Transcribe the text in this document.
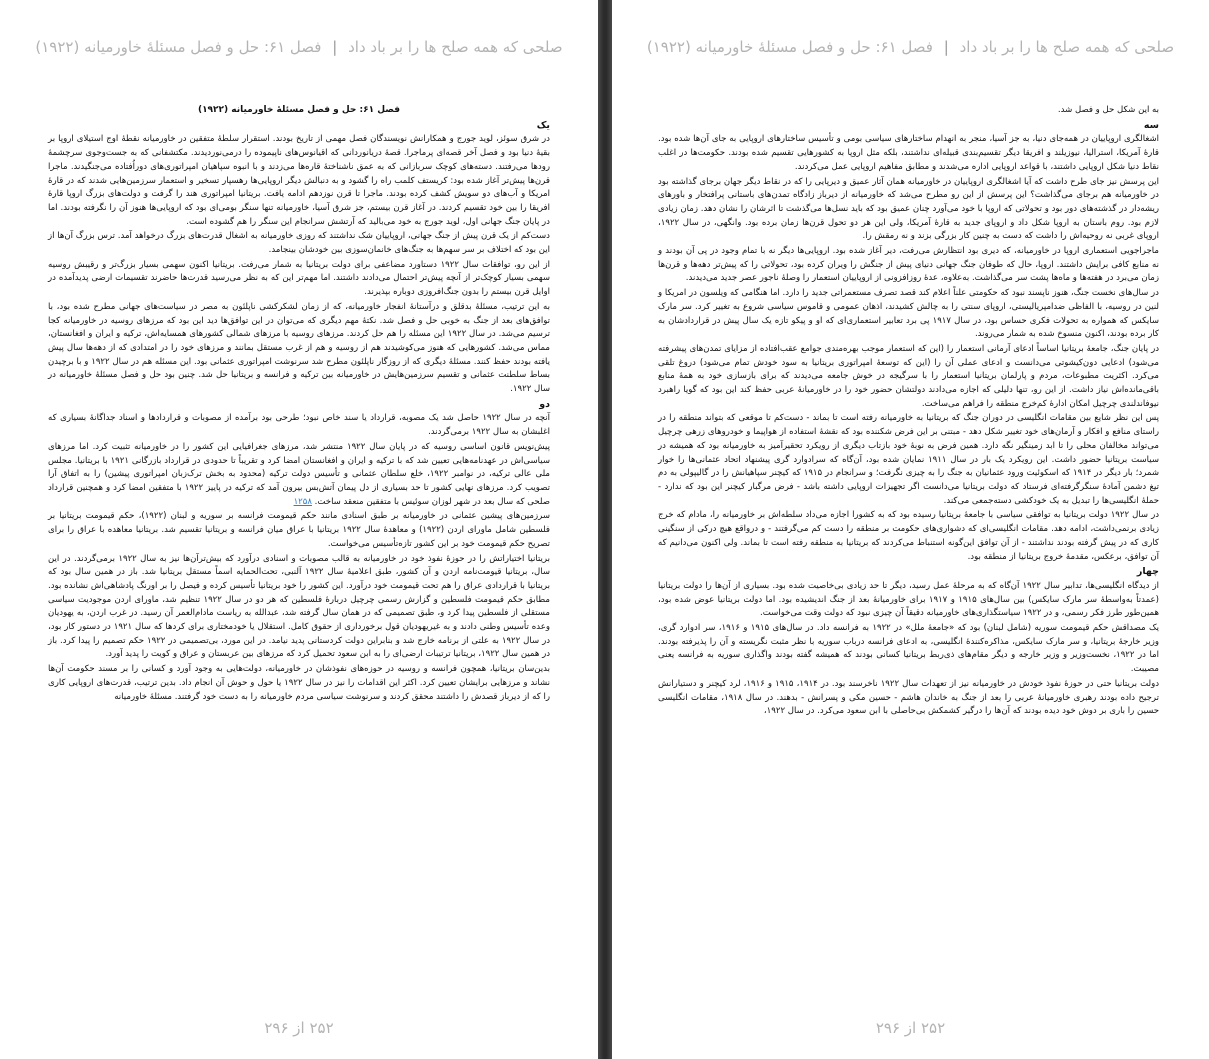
صلحی که همه صلح ها را بر باد داد | فصل ۶۱: حل و فصل مسئلهٔ خاورمیانه (۱۹۲۲)

فصل ۶۱: حل و فصل مسئلهٔ خاورمیانه (۱۹۲۲)

یک

در شرق سوئز، لوید جورج و همکارانش نویسندگان فصل مهمی از تاریخ بودند. استقرار سلطهٔ متفقین در خاورمیانه نقطهٔ اوج استیلای اروپا بر بقیهٔ دنیا بود و فصل آخر قصه‌ای پرماجرا. قصهٔ دریانوردانی که اقیانوس‌های ناپیموده را درمی‌نوردیدند. مکتشفانی که به جست‌وجوی سرچشمهٔ رودها می‌رفتند. دسته‌های کوچک سربازانی که به عمق ناشناختهٔ قاره‌ها می‌زدند و با انبوه سپاهیان امپراتوری‌های دوراُفتاده می‌جنگیدند. ماجرا قرن‌ها پیش‌تر آغاز شده بود: کریستف کلمب راه را گشود و به دنبالش دیگر اروپایی‌ها رهسپار تسخیر و استعمار سرزمین‌هایی شدند که در قارهٔ امریکا و آب‌های دو سویش کشف کرده بودند. ماجرا تا قرن نوزدهم ادامه یافت. بریتانیا امپراتوری هند را گرفت و دولت‌های بزرگ اروپا قارهٔ افریقا را بین خود تقسیم کردند. در آغاز قرن بیستم، جز شرق آسیا، خاورمیانه تنها سنگر بومی‌ای بود که اروپایی‌ها هنوز آن را نگرفته بودند. اما در پایان جنگ جهانی اول، لوید جورج به خود می‌بالید که آرتشش سرانجام این سنگر را هم گشوده است.

دست‌کم از یک قرن پیش از جنگ جهانی، اروپاییان شک نداشتند که روزی خاورمیانه به اشغال قدرت‌های بزرگ درخواهد آمد. ترس بزرگ آن‌ها از این بود که اختلاف بر سر سهم‌ها به جنگ‌های خانمان‌سوزی بین خودشان بینجامد.

از این رو، توافقات سال ۱۹۲۲ دستاورد مضاعفی برای دولت بریتانیا به شمار می‌رفت. بریتانیا اکنون سهمی بسیار بزرگ‌تر و رقیبش روسیه سهمی بسیار کوچک‌تر از آنچه پیش‌تر احتمال می‌دادند داشتند. اما مهم‌تر این که به نظر می‌رسید قدرت‌ها حاضرند تقسیمات ارضی پدیدآمده در اوایل قرن بیستم را بدون جنگ‌افروزی دوباره بپذیرند.

به این ترتیب، مسئلهٔ بدقلق و درآستانهٔ انفجار خاورمیانه، که از زمان لشکرکشی ناپلئون به مصر در سیاست‌های جهانی مطرح شده بود، با توافق‌های بعد از جنگ به خوبی حل و فصل شد. نکتهٔ مهم دیگری که می‌توان در این توافق‌ها دید این بود که مرزهای روسیه در خاورمیانه کجا ترسیم می‌شد. در سال ۱۹۲۲ این مسئله را هم حل کردند. مرزهای روسیه با مرزهای شمالی کشورهای همسایه‌اش، ترکیه و ایران و افغانستان، مماس می‌شد. کشورهایی که هنوز می‌کوشیدند هم از روسیه و هم از غرب مستقل بمانند و مرزهای خود را در امتدادی که از دهه‌ها سال پیش یافته بودند حفظ کنند. مسئلهٔ دیگری که از روزگار ناپلئون مطرح شد سرنوشت امپراتوری عثمانی بود. این مسئله هم در سال ۱۹۲۲ و با برچیدن بساط سلطنت عثمانی و تقسیم سرزمین‌هایش در خاورمیانه بین ترکیه و فرانسه و بریتانیا حل شد. چنین بود حل و فصل مسئلهٔ خاورمیانه در سال ۱۹۲۲.

دو

آنچه در سال ۱۹۲۲ حاصل شد یک مصوبه، قرارداد یا سند خاص نبود؛ طرحی بود برآمده از مصوبات و قراردادها و اسناد جداگانهٔ بسیاری که اغلبشان به سال ۱۹۲۲ برمی‌گردند.

پیش‌نویس قانون اساسی روسیه که در پایان سال ۱۹۲۲ منتشر شد، مرزهای جغرافیایی این کشور را در خاورمیانه تثبیت کرد. اما مرزهای سیاسی‌اش در عهدنامه‌هایی تعیین شد که با ترکیه و ایران و افغانستان امضا کرد و تقریباً تا حدودی در قرارداد بازرگانی ۱۹۲۱ با بریتانیا. مجلس ملی عالی ترکیه، در نوامبر ۱۹۲۲، خلع سلطان عثمانی و تأسیس دولت ترکیه (محدود به بخش ترک‌زبان امپراتوری پیشین) را به اتفاق آرا تصویب کرد. مرزهای نهایی کشور تا حد بسیاری از دل پیمان آتش‌بس بیرون آمد که ترکیه در پاییز ۱۹۲۲ با متفقین امضا کرد و همچنین قرارداد صلحی که سال بعد در شهر لوزان سوئیس با متفقین منعقد ساخت. ۱۲۵۸

سرزمین‌های پیشین عثمانی در خاورمیانه بر طبق اسنادی مانند حکم قیمومت فرانسه بر سوریه و لبنان (۱۹۲۲)، حکم قیمومت بریتانیا بر فلسطین شامل ماورای اردن (۱۹۲۲) و معاهدهٔ سال ۱۹۲۲ بریتانیا با عراق میان فرانسه و بریتانیا تقسیم شد. بریتانیا معاهده با عراق را برای تصریح حکم قیمومت خود بر این کشور تازه‌تأسیس می‌خواست.

بریتانیا اختیاراتش را در حوزهٔ نفوذ خود در خاورمیانه به قالب مصوبات و اسنادی درآورد که بیش‌ترآن‌ها نیز به سال ۱۹۲۲ برمی‌گردند. در این سال، بریتانیا قیومت‌نامه اردن و آن کشور، طبق اعلامیهٔ سال ۱۹۲۲ آلنبی، تحت‌الحمایه اسماً مستقل بریتانیا شد. باز در همین سال بود که بریتانیا با قراردادی عراق را هم تحت قیمومت خود درآورد. این کشور را خود بریتانیا تأسیس کرده و فیصل را بر اورنگ پادشاهی‌اش نشانده بود. مطابق حکم قیمومت فلسطین و گزارش رسمی چرچیل دربارهٔ فلسطین که هر دو در سال ۱۹۲۲ تنظیم شد، ماورای اردن موجودیت سیاسی مستقلی از فلسطین پیدا کرد و، طبق تصمیمی که در همان سال گرفته شد، عبدالله به ریاست مادام‌العمر آن رسید. در غرب اردن، به یهودیان وعده تأسیس وطنی دادند و به غیریهودیان قول برخورداری از حقوق کامل. استقلال یا خودمختاری برای کردها که سال ۱۹۲۱ در دستور کار بود، در سال ۱۹۲۲ به علتی از برنامه خارج شد و بنابراین دولت کردستانی پدید نیامد. در این مورد، بی‌تصمیمی در ۱۹۲۲ حکم تصمیم را پیدا کرد. باز در همین سال ۱۹۲۲، بریتانیا ترتیبات ارضی‌ای را به ابن سعود تحمیل کرد که مرزهای بین عربستان و عراق و کویت را پدید آورد.

بدین‌سان بریتانیا، همچون فرانسه و روسیه در حوزه‌های نفوذشان در خاورمیانه، دولت‌هایی به وجود آورد و کسانی را بر مسند حکومت آن‌ها نشاند و مرزهایی برایشان تعیین کرد. اکثر این اقدامات را نیز در سال ۱۹۲۲ یا حول و حوش آن انجام داد. بدین ترتیب، قدرت‌های اروپایی کاری را که از دیرباز قصدش را داشتند محقق کردند و سرنوشت سیاسی مردم خاورمیانه را به دست خود گرفتند. مسئلهٔ خاورمیانه

۲۵۲ از ۲۹۶
صلحی که همه صلح ها را بر باد داد | فصل ۶۱: حل و فصل مسئلهٔ خاورمیانه (۱۹۲۲)

به این شکل حل و فصل شد.

سه

اشغالگری اروپاییان در همه‌جای دنیا، به جز آسیا، منجر به انهدام ساختارهای سیاسی بومی و تأسیس ساختارهای اروپایی به جای آن‌ها شده بود. قارهٔ آمریکا، استرالیا، نیوزیلند و افریقا دیگر تقسیم‌بندی قبیله‌ای نداشتند، بلکه مثل اروپا به کشورهایی تقسیم شده بودند. حکومت‌ها در اغلب نقاط دنیا شکل اروپایی داشتند، با قواعد اروپایی اداره می‌شدند و مطابق مفاهیم اروپایی عمل می‌کردند.

این پرسش نیز جای طرح داشت که آیا اشغالگری اروپاییان در خاورمیانه همان آثار عمیق و دیرپایی را که در نقاط دیگر جهان برجای گذاشته بود در خاورمیانه هم برجای می‌گذاشت؟ این پرسش از این رو مطرح می‌شد که خاورمیانه از دیرباز زادگاه تمدن‌های باستانی پرافتخار و باورهای ریشه‌دار در گذشته‌های دور بود و تحولاتی که اروپا با خود می‌آورد چنان عمیق بود که باید نسل‌ها می‌گذشت تا اثرشان را نشان دهد. زمان زیادی لازم بود. روم باستان به اروپا شکل داد و اروپای جدید به قارهٔ آمریکا، ولی این هر دو تحول قرن‌ها زمان برده بود. وانگهی، در سال ۱۹۲۲، اروپای غربی نه روحیه‌اش را داشت که دست به چنین کار بزرگی بزند و نه رمقش را.

ماجراجویی استعماری اروپا در خاورمیانه، که دیری بود انتظارش می‌رفت، دیر آغاز شده بود. اروپایی‌ها دیگر نه با تمام وجود در پی آن بودند و نه منابع کافی برایش داشتند. اروپا، حال که طوفان جنگ جهانی دنیای پیش از جنگش را ویران کرده بود، تحولاتی را که پیش‌تر دهه‌ها و قرن‌ها زمان می‌برد در هفته‌ها و ماه‌ها پشت سر می‌گذاشت. به‌علاوه، عدهٔ روزافزونی از اروپاییان استعمار را وصلهٔ ناجور عصر جدید می‌دیدند.

در سال‌های نخست جنگ، هنوز ناپسند نبود که حکومتی علناً اعلام کند قصد تصرف مستعمراتی جدید را دارد. اما هنگامی که ویلسون در امریکا و لنین در روسیه، با الفاظی ضدامپریالیستی، اروپای سنتی را به چالش کشیدند، اذهان عمومی و قاموس سیاسی شروع به تغییر کرد. سر مارک سایکس که همواره به تحولات فکری حساس بود، در سال ۱۹۱۷ پی برد تعابیر استعماری‌ای که او و پیکو تازه یک سال پیش در قراردادشان به کار برده بودند، اکنون منسوخ شده به شمار می‌روند.

در پایان جنگ، جامعهٔ بریتانیا اساساً ادعای آرمانی استعمار را (این که استعمار موجب بهره‌مندی جوامع عقب‌افتاده از مزایای تمدن‌های پیشرفته می‌شود) ادعایی دون‌کیشوتی می‌دانست و ادعای عملی آن را (این که توسعهٔ امپراتوری بریتانیا به سود خودش تمام می‌شود) دروغ تلقی می‌کرد. اکثریت مطبوعات، مردم و پارلمان بریتانیا استعمار را با سرگیجه در خوش جامعه می‌دیدند که برای بازسازی خود به همهٔ منابع باقی‌مانده‌اش نیاز داشت. از این رو، تنها دلیلی که اجازه می‌دادند دولتشان حضور خود را در خاورمیانهٔ عربی حفظ کند این بود که گویا راهبرد نیوفاندلندی چرچیل امکان ادارهٔ کم‌خرج منطقه را فراهم می‌ساخت.

پس این نظر شایع بین مقامات انگلیسی در دوران جنگ که بریتانیا به خاورمیانه رفته است تا بماند - دست‌کم تا موقعی که بتواند منطقه را در راستای منافع و افکار و آرمان‌های خود تغییر شکل دهد - مبتنی بر این فرض شکننده بود که نقشهٔ استفاده از هواپیما و خودروهای زرهی چرچیل می‌تواند مخالفان محلی را تا ابد زمینگیر نگه دارد. همین فرض به نوبهٔ خود بازتاب دیگری از رویکرد تحقیرآمیز به خاورمیانه بود که همیشه در سیاست بریتانیا حضور داشت. این رویکرد یک بار در سال ۱۹۱۱ نمایان شده بود، آن‌گاه که سرادوارد گری پیشنهاد اتحاد عثمانی‌ها را خوار شمرد؛ بار دیگر در ۱۹۱۴ که اسکوئیت ورود عثمانیان به جنگ را به چیزی نگرفت؛ و سرانجام در ۱۹۱۵ که کیچنر سپاهیانش را در گالیپولی به دم تیغ دشمن آمادهٔ سنگرگرفته‌ای فرستاد که دولت بریتانیا می‌دانست اگر تجهیزات اروپایی داشته باشد - فرض مرگبار کیچنر این بود که ندارد - حملهٔ انگلیسی‌ها را تبدیل به یک خودکشی دسته‌جمعی می‌کند.

در سال ۱۹۲۲ دولت بریتانیا به توافقی سیاسی با جامعهٔ بریتانیا رسیده بود که به کشورا اجازه می‌داد سلطه‌اش بر خاورمیانه را، مادام که خرج زیادی برنمی‌داشت، ادامه دهد. مقامات انگلیسی‌ای که دشواری‌های حکومت بر منطقه را دست کم می‌گرفتند - و درواقع هیچ درکی از سنگینی کاری که در پیش گرفته بودند نداشتند - از آن توافق این‌گونه استنباط می‌کردند که بریتانیا به منطقه رفته است تا بماند. ولی اکنون می‌دانیم که آن توافق، برعکس، مقدمهٔ خروج بریتانیا از منطقه بود.

چهار

از دیدگاه انگلیسی‌ها، تدابیر سال ۱۹۲۲ آن‌گاه که به مرحلهٔ عمل رسید، دیگر تا حد زیادی بی‌خاصیت شده بود. بسیاری از آن‌ها را دولت بریتانیا (عمدتاً به‌واسطهٔ سر مارک سایکس) بین سال‌های ۱۹۱۵ و ۱۹۱۷ برای خاورمیانهٔ بعد از جنگ اندیشیده بود. اما دولت بریتانیا عوض شده بود، همین‌طور طرز فکر رسمی، و در ۱۹۲۲ سیاستگذاری‌های خاورمیانه دقیقاً آن چیزی نبود که دولت وقت می‌خواست.

یک مصداقش حکم قیمومت سوریه (شامل لبنان) بود که «جامعهٔ ملل» در ۱۹۲۲ به فرانسه داد. در سال‌های ۱۹۱۵ و ۱۹۱۶، سر ادوارد گری، وزیر خارجهٔ بریتانیا، و سر مارک سایکس، مذاکره‌کنندهٔ انگلیسی، به ادعای فرانسه درباب سوریه با نظر مثبت نگریسته و آن را پذیرفته بودند. اما در ۱۹۲۲، نخست‌وزیر و وزیر خارجه و دیگر مقام‌های ذی‌ربط بریتانیا کسانی بودند که همیشه گفته بودند واگذاری سوریه به فرانسه یعنی مصیبت.

دولت بریتانیا حتی در حوزهٔ نفوذ خودش در خاورمیانه نیز از تعهدات سال ۱۹۲۲ ناخرسند بود. در ۱۹۱۴، ۱۹۱۵ و ۱۹۱۶، لرد کیچنر و دستیارانش ترجیح داده بودند رهبری خاورمیانهٔ عربی را بعد از جنگ به خاندان هاشم - حسین مکی و پسرانش - بدهند. در سال ۱۹۱۸، مقامات انگلیسی حسین را باری بر دوش خود دیده بودند که آن‌ها را درگیر کشمکش بی‌حاصلی با ابن سعود می‌کرد. در سال ۱۹۲۲،

۲۵۲ از ۲۹۶
